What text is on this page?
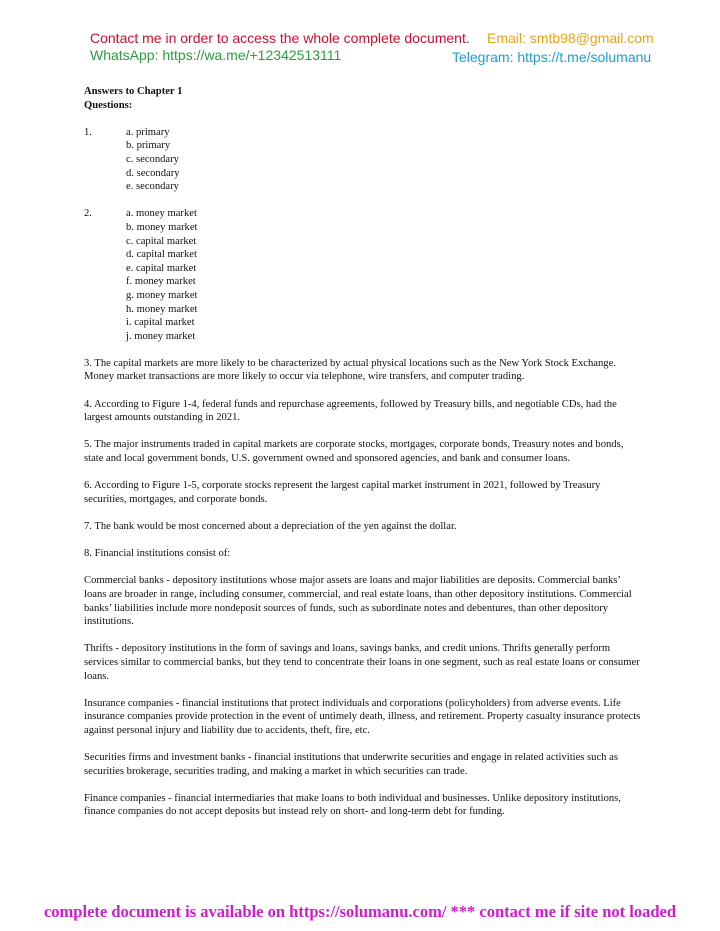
Contact me in order to access the whole complete document. Email: smtb98@gmail.com
WhatsApp: https://wa.me/+12342513111	Telegram: https://t.me/solumanu

Answers to Chapter 1

Questions:

1.	a. primary

b. primary

c. secondary

d. secondary

e. secondary

2.	a. money market

b. money market

c. capital market

d. capital market

e. capital market

f. money market

g. money market

h. money market

i. capital market

j. money market

3. The capital markets are more likely to be characterized by actual physical locations such as the New York Stock Exchange. Money market transactions are more likely to occur via telephone, wire transfers, and computer trading.

4. According to Figure 1-4, federal funds and repurchase agreements, followed by Treasury bills, and negotiable CDs, had the largest amounts outstanding in 2021.

5. The major instruments traded in capital markets are corporate stocks, mortgages, corporate bonds, Treasury notes and bonds, state and local government bonds, U.S. government owned and sponsored agencies, and bank and consumer loans.

6. According to Figure 1-5, corporate stocks represent the largest capital market instrument in 2021, followed by Treasury securities, mortgages, and corporate bonds.

7. The bank would be most concerned about a depreciation of the yen against the dollar.

8. Financial institutions consist of:

Commercial banks - depository institutions whose major assets are loans and major liabilities are deposits. Commercial banks’ loans are broader in range, including consumer, commercial, and real estate loans, than other depository institutions. Commercial banks’ liabilities include more nondeposit sources of funds, such as subordinate notes and debentures, than other depository institutions.

Thrifts - depository institutions in the form of savings and loans, savings banks, and credit unions. Thrifts generally perform services similar to commercial banks, but they tend to concentrate their loans in one segment, such as real estate loans or consumer loans.

Insurance companies - financial institutions that protect individuals and corporations (policyholders) from adverse events. Life insurance companies provide protection in the event of untimely death, illness, and retirement. Property casualty insurance protects against personal injury and liability due to accidents, theft, fire, etc.

Securities firms and investment banks - financial institutions that underwrite securities and engage in related activities such as securities brokerage, securities trading, and making a market in which securities can trade.

Finance companies - financial intermediaries that make loans to both individual and businesses. Unlike depository institutions, finance companies do not accept deposits but instead rely on short- and long-term debt for funding.

complete document is available on https://solumanu.com/ *** contact me if site not loaded
